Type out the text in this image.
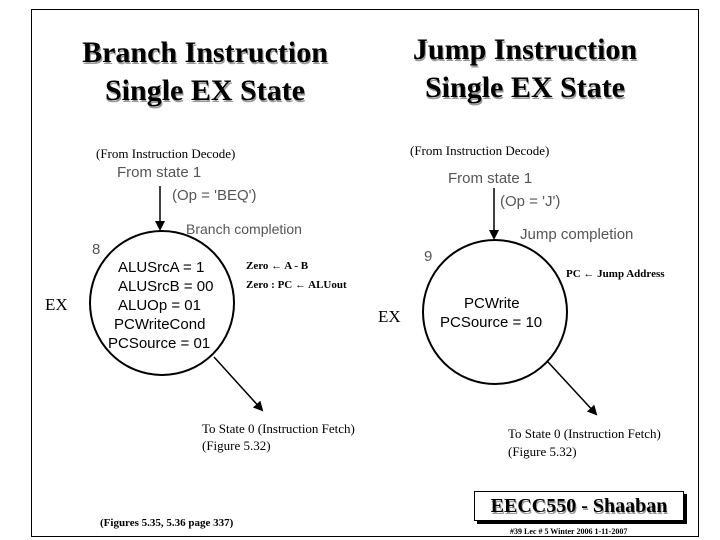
Branch Instruction
Single EX State
Jump Instruction
Single EX State
(From Instruction Decode)
From state 1
(Op = 'BEQ')
Branch completion
8
ALUSrcA = 1
ALUSrcB = 00
ALUOp = 01
PCWriteCond
PCSource = 01
Zero ← A - B
Zero : PC ← ALUout
EX
To State 0 (Instruction Fetch)
(Figure 5.32)
(From Instruction Decode)
From state 1
(Op = 'J')
Jump completion
9
PCWrite
PCSource = 10
PC ← Jump Address
EX
To State 0 (Instruction Fetch)
(Figure 5.32)
(Figures 5.35, 5.36 page 337)
EECC550 - Shaaban
#39 Lec # 5 Winter 2006 1-11-2007
